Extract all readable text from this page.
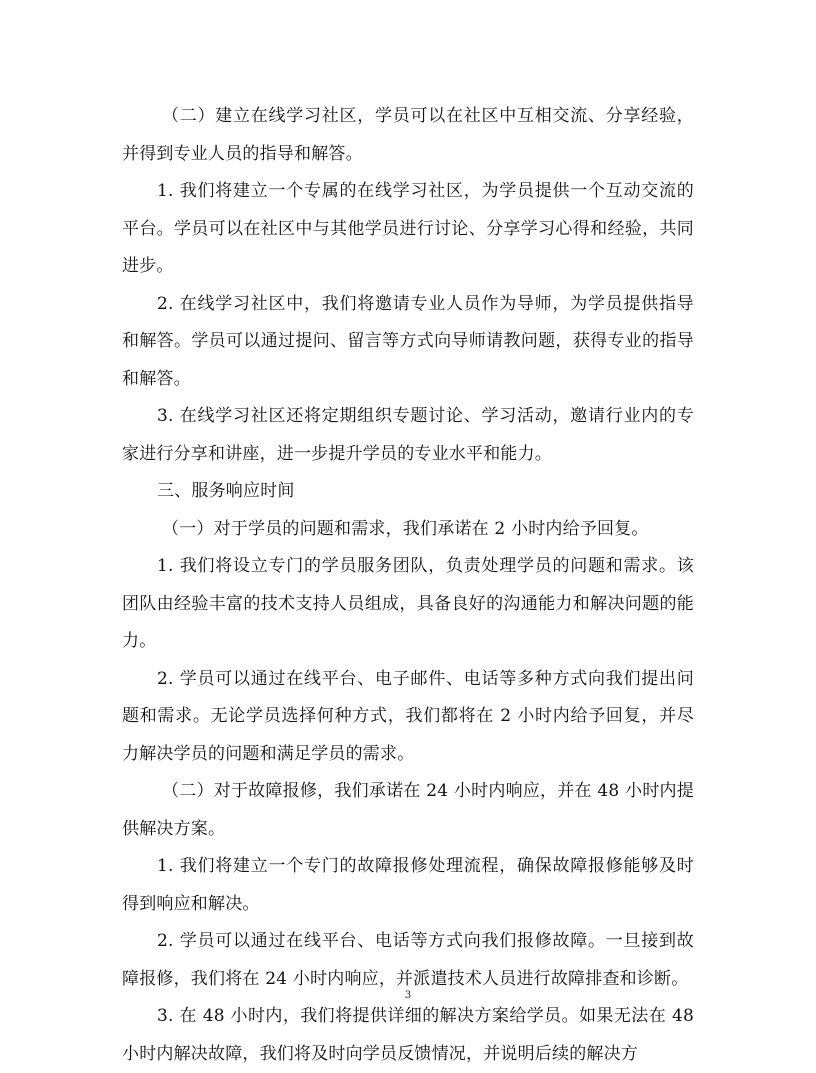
（二）建立在线学习社区，学员可以在社区中互相交流、分享经验，并得到专业人员的指导和解答。

1. 我们将建立一个专属的在线学习社区，为学员提供一个互动交流的平台。学员可以在社区中与其他学员进行讨论、分享学习心得和经验，共同进步。

2. 在线学习社区中，我们将邀请专业人员作为导师，为学员提供指导和解答。学员可以通过提问、留言等方式向导师请教问题，获得专业的指导和解答。

3. 在线学习社区还将定期组织专题讨论、学习活动，邀请行业内的专家进行分享和讲座，进一步提升学员的专业水平和能力。

三、服务响应时间

（一）对于学员的问题和需求，我们承诺在 2 小时内给予回复。

1. 我们将设立专门的学员服务团队，负责处理学员的问题和需求。该团队由经验丰富的技术支持人员组成，具备良好的沟通能力和解决问题的能力。

2. 学员可以通过在线平台、电子邮件、电话等多种方式向我们提出问题和需求。无论学员选择何种方式，我们都将在 2 小时内给予回复，并尽力解决学员的问题和满足学员的需求。

（二）对于故障报修，我们承诺在 24 小时内响应，并在 48 小时内提供解决方案。

1. 我们将建立一个专门的故障报修处理流程，确保故障报修能够及时得到响应和解决。

2. 学员可以通过在线平台、电话等方式向我们报修故障。一旦接到故障报修，我们将在 24 小时内响应，并派遣技术人员进行故障排查和诊断。

3. 在 48 小时内，我们将提供详细的解决方案给学员。如果无法在 48 小时内解决故障，我们将及时向学员反馈情况，并说明后续的解决方

3
